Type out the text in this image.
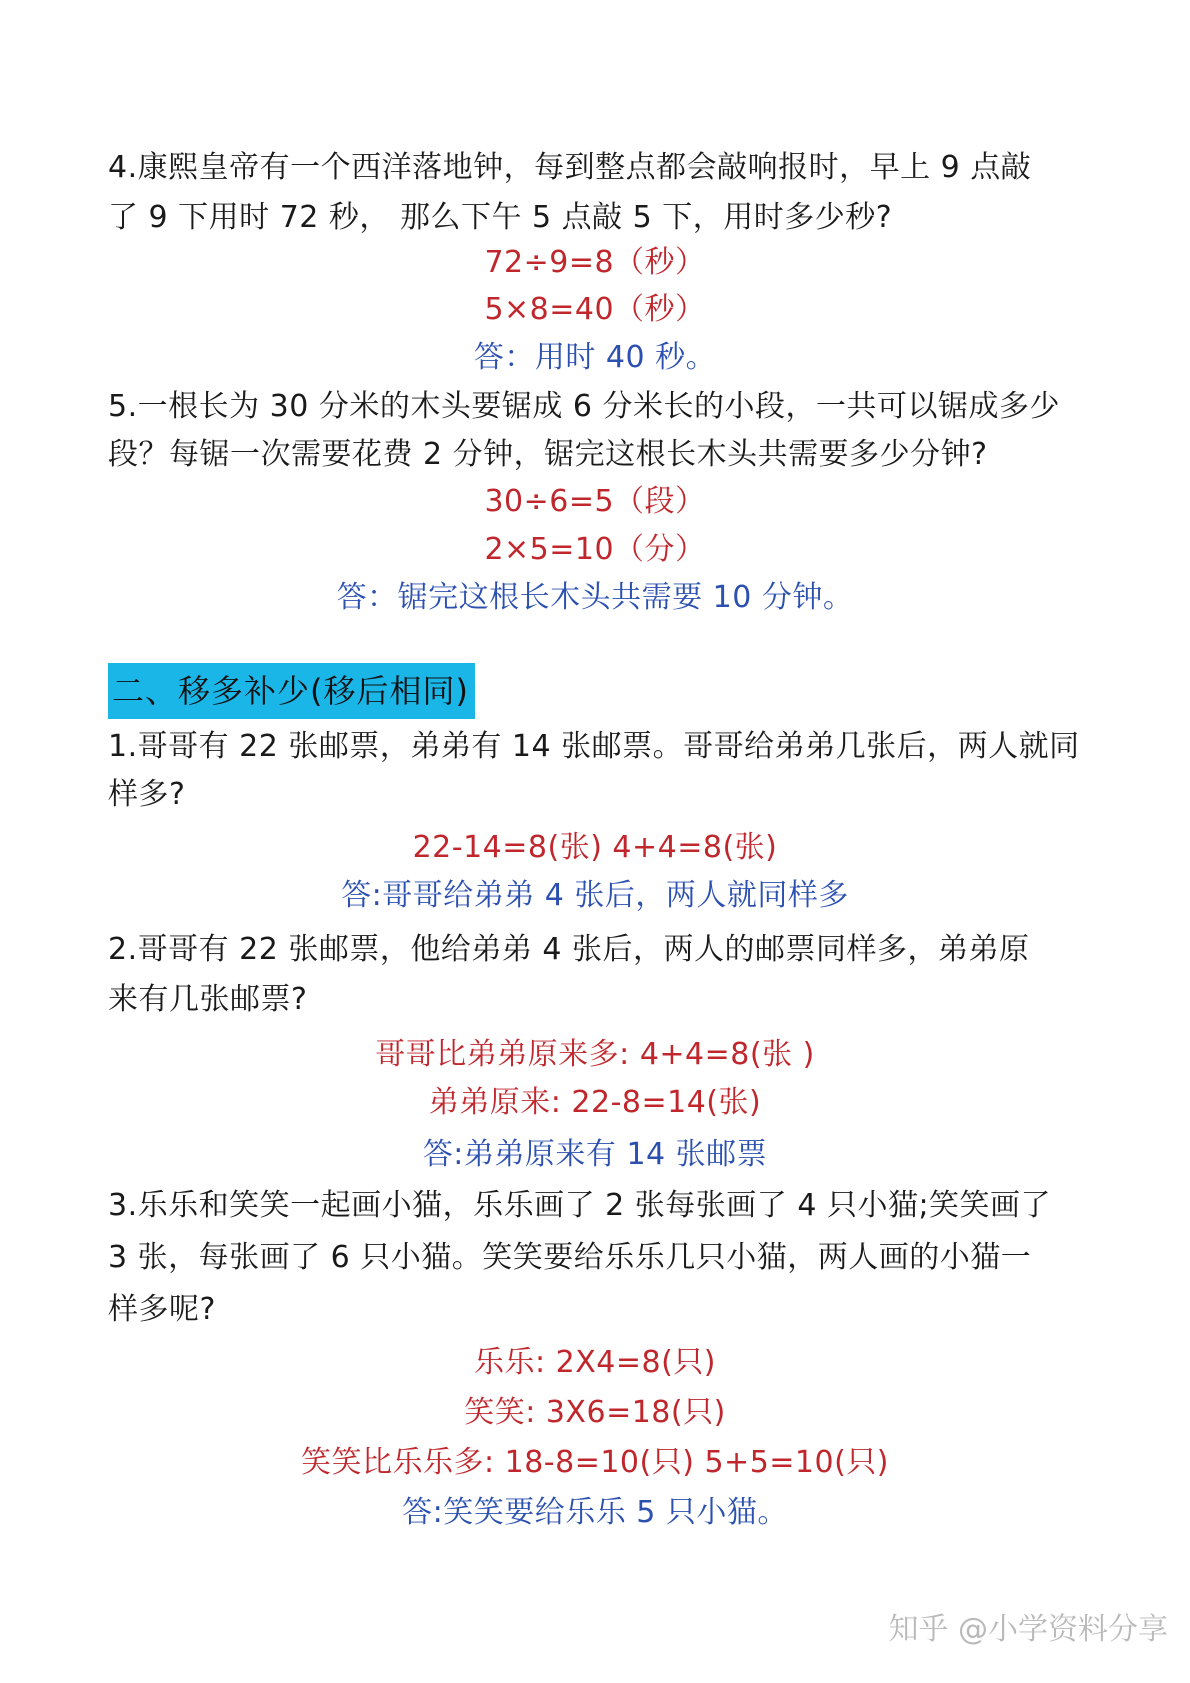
4.康熙皇帝有一个西洋落地钟，每到整点都会敲响报时，早上 9 点敲
了 9 下用时 72 秒， 那么下午 5 点敲 5 下，用时多少秒?
72÷9=8（秒）
5×8=40（秒）
答：用时 40 秒。
5.一根长为 30 分米的木头要锯成 6 分米长的小段，一共可以锯成多少
段？每锯一次需要花费 2 分钟，锯完这根长木头共需要多少分钟?
30÷6=5（段）
2×5=10（分）
答：锯完这根长木头共需要 10 分钟。
二、移多补少(移后相同)
1.哥哥有 22 张邮票，弟弟有 14 张邮票。哥哥给弟弟几张后，两人就同
样多?
22-14=8(张) 4+4=8(张)
答:哥哥给弟弟 4 张后，两人就同样多
2.哥哥有 22 张邮票，他给弟弟 4 张后，两人的邮票同样多，弟弟原
来有几张邮票?
哥哥比弟弟原来多: 4+4=8(张 )
弟弟原来: 22-8=14(张)
答:弟弟原来有 14 张邮票
3.乐乐和笑笑一起画小猫，乐乐画了 2 张每张画了 4 只小猫;笑笑画了
3 张，每张画了 6 只小猫。笑笑要给乐乐几只小猫，两人画的小猫一
样多呢?
乐乐: 2X4=8(只)
笑笑: 3X6=18(只)
笑笑比乐乐多: 18-8=10(只) 5+5=10(只)
答:笑笑要给乐乐 5 只小猫。
知乎 @小学资料分享
